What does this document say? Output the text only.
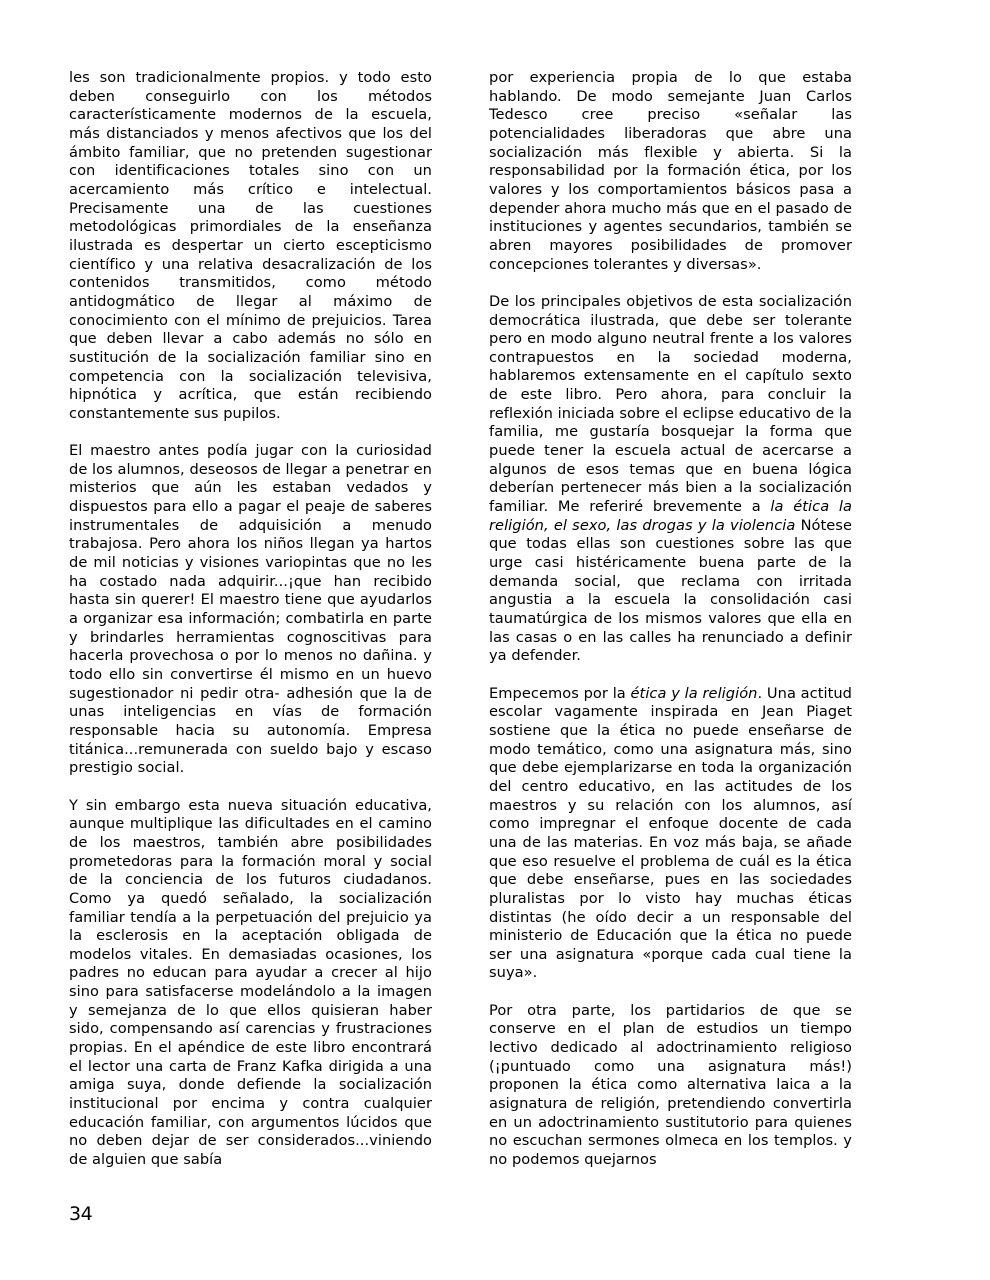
les son tradicionalmente propios. y todo esto deben conseguirlo con los métodos característicamente modernos de la escuela, más distanciados y menos afectivos que los del ámbito familiar, que no pretenden sugestionar con identificaciones totales sino con un acercamiento más crítico e intelectual. Precisamente una de las cuestiones metodológicas primordiales de la enseñanza ilustrada es despertar un cierto escepticismo científico y una relativa desacralización de los contenidos transmitidos, como método antidogmático de llegar al máximo de conocimiento con el mínimo de prejuicios. Tarea que deben llevar a cabo además no sólo en sustitución de la socialización familiar sino en competencia con la socialización televisiva, hipnótica y acrítica, que están recibiendo constantemente sus pupilos.

El maestro antes podía jugar con la curiosidad de los alumnos, deseosos de llegar a penetrar en misterios que aún les estaban vedados y dispuestos para ello a pagar el peaje de saberes instrumentales de adquisición a menudo trabajosa. Pero ahora los niños llegan ya hartos de mil noticias y visiones variopintas que no les ha costado nada adquirir...¡que han recibido hasta sin querer! El maestro tiene que ayudarlos a organizar esa información; combatirla en parte y brindarles herramientas cognoscitivas para hacerla provechosa o por lo menos no dañina. y todo ello sin convertirse él mismo en un huevo sugestionador ni pedir otra- adhesión que la de unas inteligencias en vías de formación responsable hacia su autonomía. Empresa titánica...remunerada con sueldo bajo y escaso prestigio social.

Y sin embargo esta nueva situación educativa, aunque multiplique las dificultades en el camino de los maestros, también abre posibilidades prometedoras para la formación moral y social de la conciencia de los futuros ciudadanos. Como ya quedó señalado, la socialización familiar tendía a la perpetuación del prejuicio ya la esclerosis en la aceptación obligada de modelos vitales. En demasiadas ocasiones, los padres no educan para ayudar a crecer al hijo sino para satisfacerse modelándolo a la imagen y semejanza de lo que ellos quisieran haber sido, compensando así carencias y frustraciones propias. En el apéndice de este libro encontrará el lector una carta de Franz Kafka dirigida a una amiga suya, donde defiende la socialización institucional por encima y contra cualquier educación familiar, con argumentos lúcidos que no deben dejar de ser considerados...viniendo de alguien que sabía

por experiencia propia de lo que estaba hablando. De modo semejante Juan Carlos Tedesco cree preciso «señalar las potencialidades liberadoras que abre una socialización más flexible y abierta. Si la responsabilidad por la formación ética, por los valores y los comportamientos básicos pasa a depender ahora mucho más que en el pasado de instituciones y agentes secundarios, también se abren mayores posibilidades de promover concepciones tolerantes y diversas».

De los principales objetivos de esta socialización democrática ilustrada, que debe ser tolerante pero en modo alguno neutral frente a los valores contrapuestos en la sociedad moderna, hablaremos extensamente en el capítulo sexto de este libro. Pero ahora, para concluir la reflexión iniciada sobre el eclipse educativo de la familia, me gustaría bosquejar la forma que puede tener la escuela actual de acercarse a algunos de esos temas que en buena lógica deberían pertenecer más bien a la socialización familiar. Me referiré brevemente a la ética la religión, el sexo, las drogas y la violencia Nótese que todas ellas son cuestiones sobre las que urge casi histéricamente buena parte de la demanda social, que reclama con irritada angustia a la escuela la consolidación casi taumatúrgica de los mismos valores que ella en las casas o en las calles ha renunciado a definir ya defender.

Empecemos por la ética y la religión. Una actitud escolar vagamente inspirada en Jean Piaget sostiene que la ética no puede enseñarse de modo temático, como una asignatura más, sino que debe ejemplarizarse en toda la organización del centro educativo, en las actitudes de los maestros y su relación con los alumnos, así como impregnar el enfoque docente de cada una de las materias. En voz más baja, se añade que eso resuelve el problema de cuál es la ética que debe enseñarse, pues en las sociedades pluralistas por lo visto hay muchas éticas distintas (he oído decir a un responsable del ministerio de Educación que la ética no puede ser una asignatura «porque cada cual tiene la suya».

Por otra parte, los partidarios de que se conserve en el plan de estudios un tiempo lectivo dedicado al adoctrinamiento religioso (¡puntuado como una asignatura más!) proponen la ética como alternativa laica a la asignatura de religión, pretendiendo convertirla en un adoctrinamiento sustitutorio para quienes no escuchan sermones olmeca en los templos. y no podemos quejarnos

34
